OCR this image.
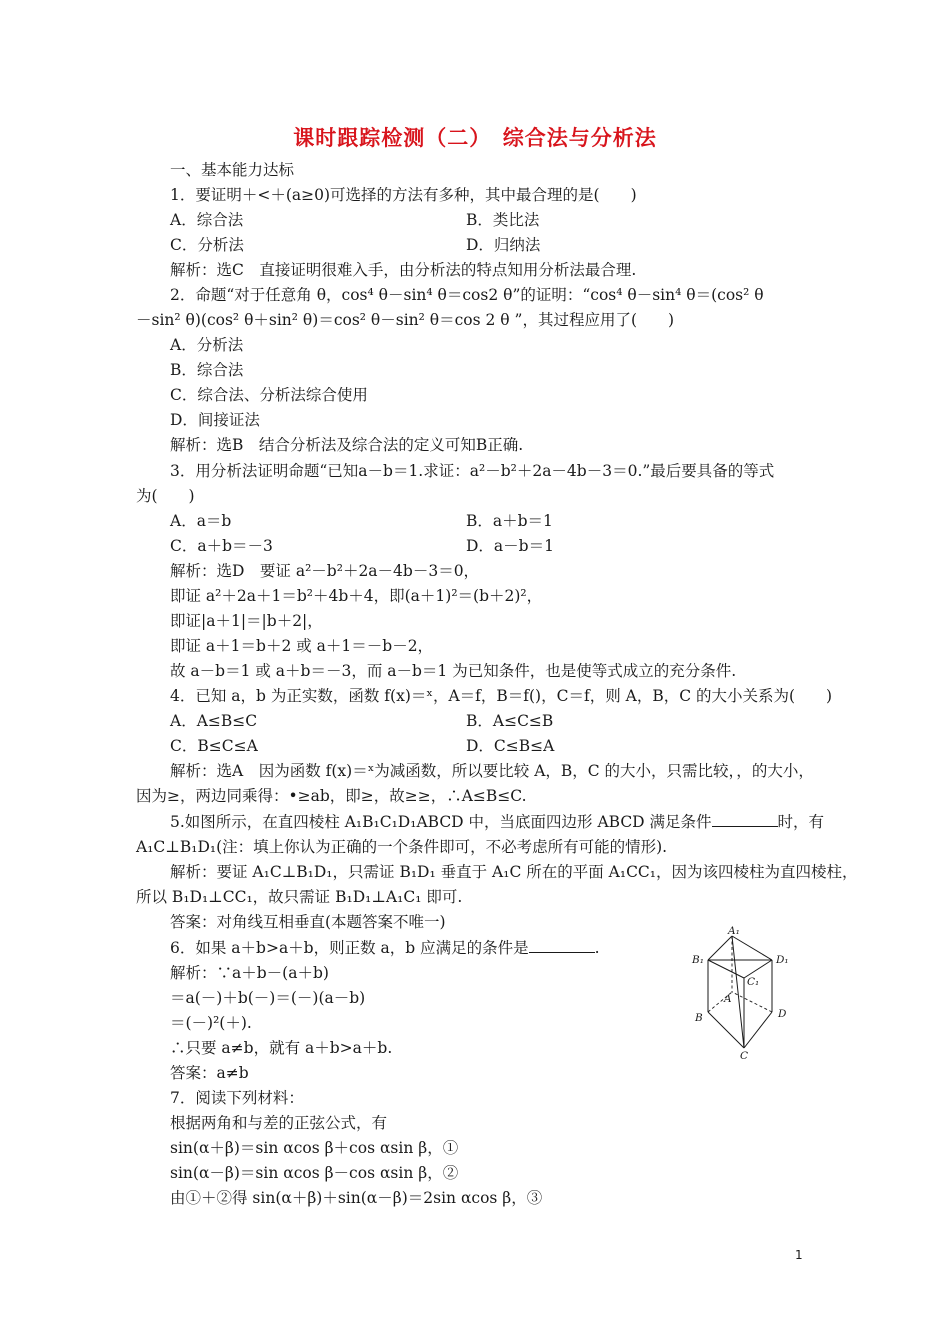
课时跟踪检测（二）　综合法与分析法
一、基本能力达标
1．要证明＋<＋(a≥0)可选择的方法有多种，其中最合理的是(　　)
A．综合法	B．类比法
C．分析法	D．归纳法
解析：选C　直接证明很难入手，由分析法的特点知用分析法最合理.
2．命题“对于任意角 θ，cos⁴ θ－sin⁴ θ＝cos2 θ”的证明：“cos⁴ θ－sin⁴ θ＝(cos² θ
－sin² θ)(cos² θ＋sin² θ)＝cos² θ－sin² θ＝cos 2 θ ”，其过程应用了(　　)
A．分析法
B．综合法
C．综合法、分析法综合使用
D．间接证法
解析：选B　结合分析法及综合法的定义可知B正确.
3．用分析法证明命题“已知a－b＝1.求证：a²－b²＋2a－4b－3＝0.”最后要具备的等式
为(　　)
A．a＝b	B．a＋b＝1
C．a＋b＝－3	D．a－b＝1
解析：选D　要证 a²－b²＋2a－4b－3＝0，
即证 a²＋2a＋1＝b²＋4b＋4，即(a＋1)²＝(b＋2)²，
即证|a＋1|＝|b＋2|，
即证 a＋1＝b＋2 或 a＋1＝－b－2，
故 a－b＝1 或 a＋b＝－3，而 a－b＝1 为已知条件，也是使等式成立的充分条件.
4．已知 a，b 为正实数，函数 f(x)＝ˣ，A＝f，B＝f()，C＝f，则 A，B，C 的大小关系为(　　)
A．A≤B≤C	B．A≤C≤B
C．B≤C≤A	D．C≤B≤A
解析：选A　因为函数 f(x)＝ˣ为减函数，所以要比较 A，B，C 的大小，只需比较，，的大小，
因为≥，两边同乘得：•≥ab，即≥，故≥≥，∴A≤B≤C.
5.如图所示，在直四棱柱 A₁B₁C₁D₁ABCD 中，当底面四边形 ABCD 满足条件	时，有
A₁C⊥B₁D₁(注：填上你认为正确的一个条件即可，不必考虑所有可能的情形).
解析：要证 A₁C⊥B₁D₁，只需证 B₁D₁ 垂直于 A₁C 所在的平面 A₁CC₁，因为该四棱柱为直四棱柱，
所以 B₁D₁⊥CC₁，故只需证 B₁D₁⊥A₁C₁ 即可.
答案：对角线互相垂直(本题答案不唯一)
6．如果 a＋b>a＋b，则正数 a，b 应满足的条件是	.
解析：∵a＋b－(a＋b)
＝a(－)＋b(－)＝(－)(a－b)
＝(－)²(＋).
∴只要 a≠b，就有 a＋b>a＋b.
答案：a≠b
7．阅读下列材料：
根据两角和与差的正弦公式，有
sin(α＋β)＝sin αcos β＋cos αsin β，①
sin(α－β)＝sin αcos β－cos αsin β，②
由①＋②得 sin(α＋β)＋sin(α－β)＝2sin αcos β，③
A₁
B₁	D₁
C₁
A
B	D
C
1
